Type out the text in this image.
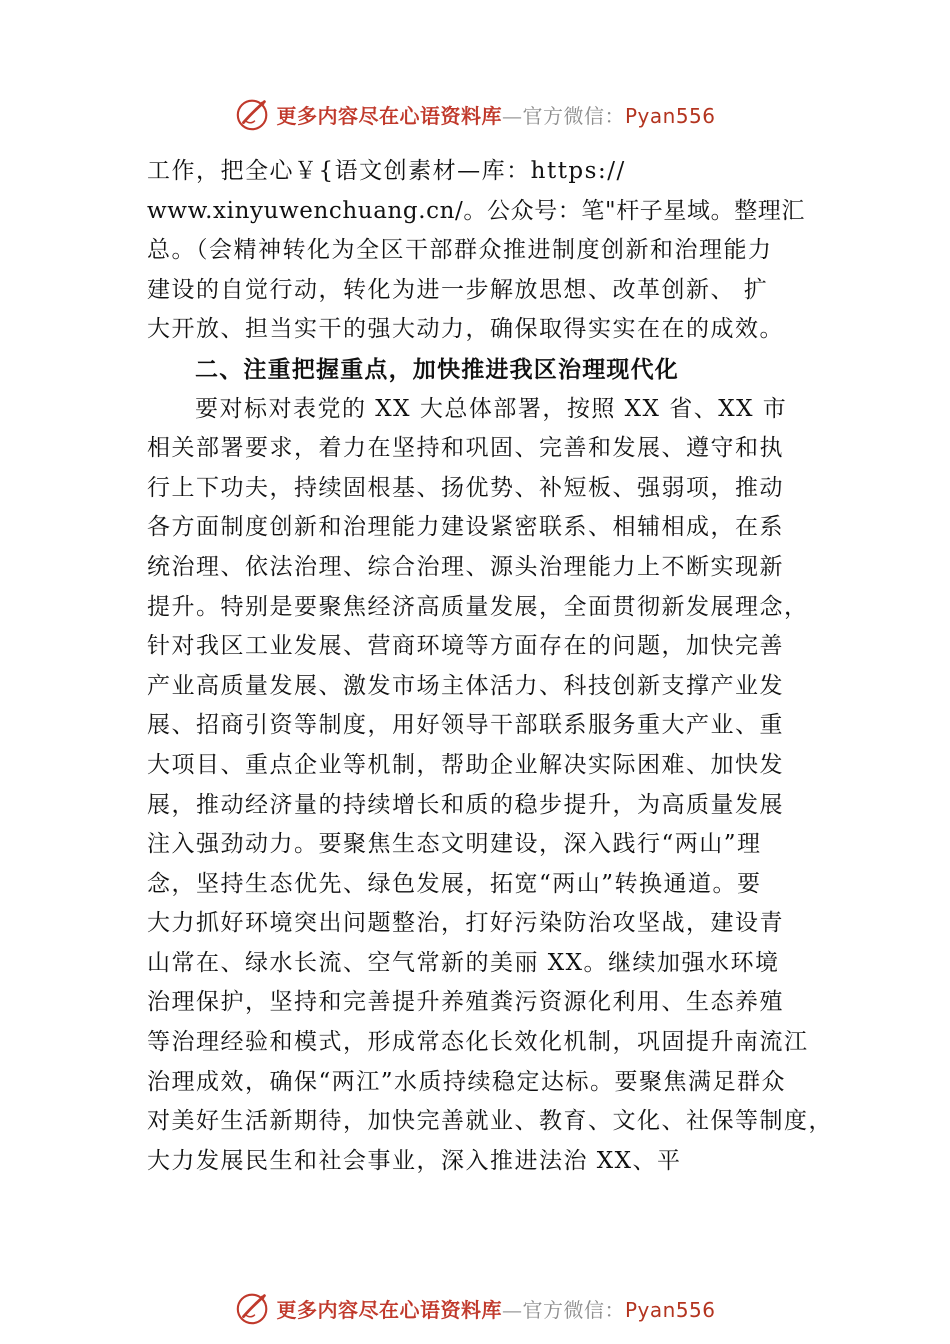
更多内容尽在心语资料库—官方微信：Pyan556
工作，把全心￥{语文创素材—库：https://
www.xinyuwenchuang.cn/。公众号：笔"杆子星域。整理汇
总。（会精神转化为全区干部群众推进制度创新和治理能力
建设的自觉行动，转化为进一步解放思想、改革创新、 扩
大开放、担当实干的强大动力，确保取得实实在在的成效。
二、注重把握重点，加快推进我区治理现代化
要对标对表党的 XX 大总体部署，按照 XX 省、XX 市
相关部署要求，着力在坚持和巩固、完善和发展、遵守和执
行上下功夫，持续固根基、扬优势、补短板、强弱项，推动
各方面制度创新和治理能力建设紧密联系、相辅相成，在系
统治理、依法治理、综合治理、源头治理能力上不断实现新
提升。特别是要聚焦经济高质量发展，全面贯彻新发展理念，
针对我区工业发展、营商环境等方面存在的问题，加快完善
产业高质量发展、激发市场主体活力、科技创新支撑产业发
展、招商引资等制度，用好领导干部联系服务重大产业、重
大项目、重点企业等机制，帮助企业解决实际困难、加快发
展，推动经济量的持续增长和质的稳步提升，为高质量发展
注入强劲动力。要聚焦生态文明建设，深入践行“两山”理
念，坚持生态优先、绿色发展，拓宽“两山”转换通道。要
大力抓好环境突出问题整治，打好污染防治攻坚战，建设青
山常在、绿水长流、空气常新的美丽 XX。继续加强水环境
治理保护，坚持和完善提升养殖粪污资源化利用、生态养殖
等治理经验和模式，形成常态化长效化机制，巩固提升南流江
治理成效，确保“两江”水质持续稳定达标。要聚焦满足群众
对美好生活新期待，加快完善就业、教育、文化、社保等制度，
大力发展民生和社会事业，深入推进法治 XX、平
更多内容尽在心语资料库—官方微信：Pyan556
